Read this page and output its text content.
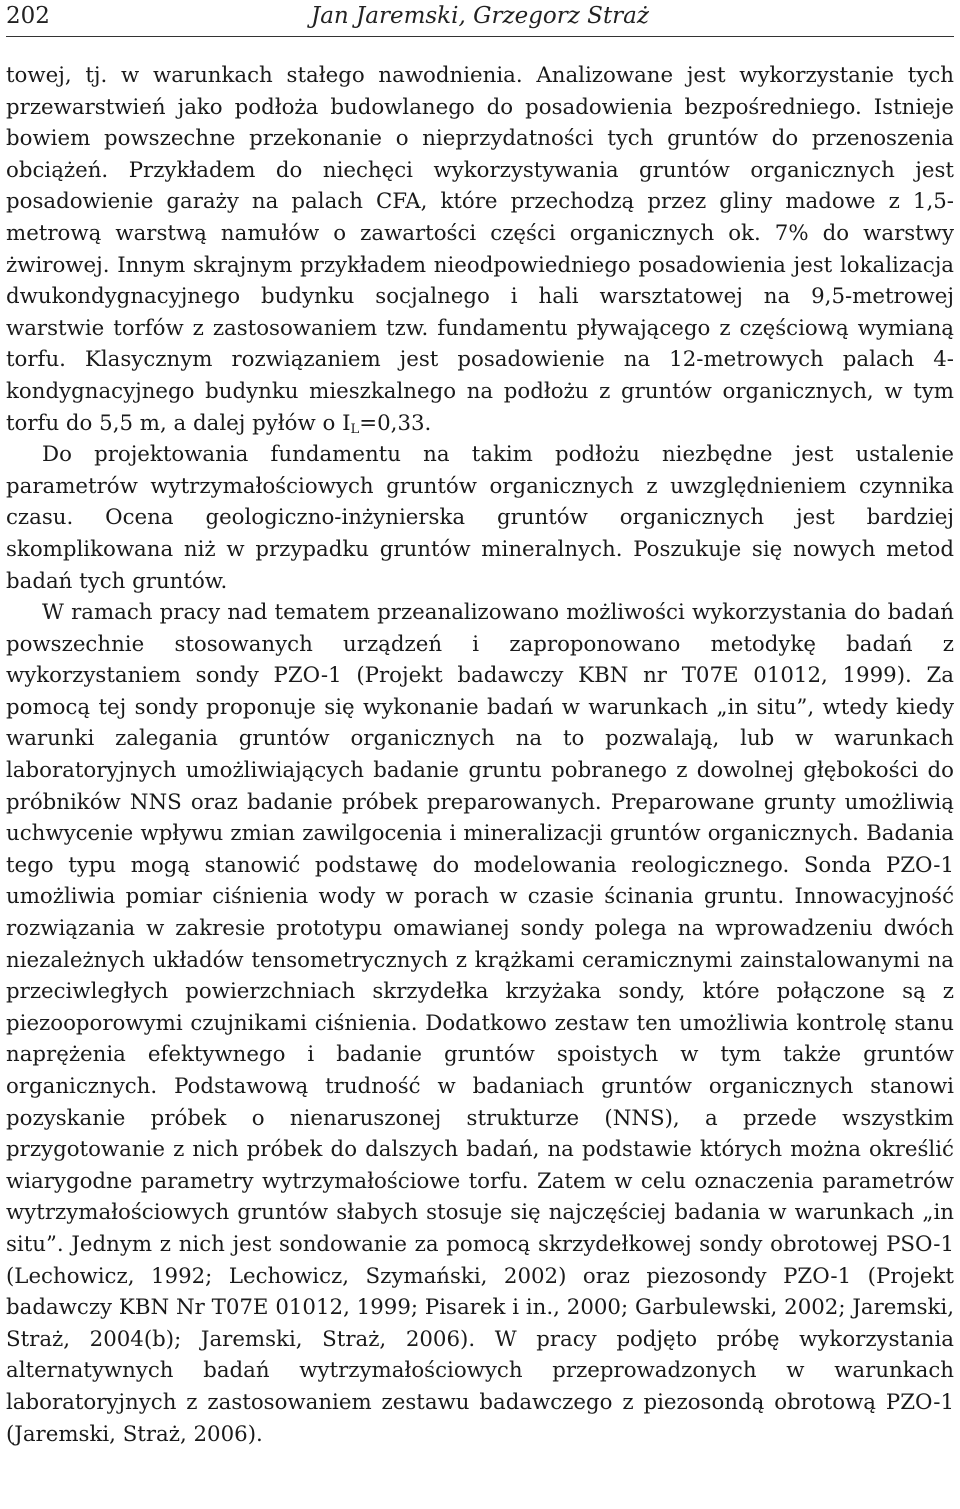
202	Jan Jaremski, Grzegorz Straż

towej, tj. w warunkach stałego nawodnienia. Analizowane jest wykorzystanie tych przewarstwień jako podłoża budowlanego do posadowienia bezpośredniego. Istnieje bowiem powszechne przekonanie o nieprzydatności tych gruntów do przenoszenia obciążeń. Przykładem do niechęci wykorzystywania gruntów organicznych jest posadowienie garaży na palach CFA, które przechodzą przez gliny madowe z 1,5-metrową warstwą namułów o zawartości części organicznych ok. 7% do warstwy żwirowej. Innym skrajnym przykładem nieodpowiedniego posadowienia jest lokalizacja dwukondygnacyjnego budynku socjalnego i hali warsztatowej na 9,5-metrowej warstwie torfów z zastosowaniem tzw. fundamentu pływającego z częściową wymianą torfu. Klasycznym rozwiązaniem jest posadowienie na 12-metrowych palach 4-kondygnacyjnego budynku mieszkalnego na podłożu z gruntów organicznych, w tym torfu do 5,5 m, a dalej pyłów o $I_L=0,33$.

Do projektowania fundamentu na takim podłożu niezbędne jest ustalenie parametrów wytrzymałościowych gruntów organicznych z uwzględnieniem czynnika czasu. Ocena geologiczno-inżynierska gruntów organicznych jest bardziej skomplikowana niż w przypadku gruntów mineralnych. Poszukuje się nowych metod badań tych gruntów.

W ramach pracy nad tematem przeanalizowano możliwości wykorzystania do badań powszechnie stosowanych urządzeń i zaproponowano metodykę badań z wykorzystaniem sondy PZO-1 (Projekt badawczy KBN nr T07E 01012, 1999). Za pomocą tej sondy proponuje się wykonanie badań w warunkach „in situ”, wtedy kiedy warunki zalegania gruntów organicznych na to pozwalają, lub w warunkach laboratoryjnych umożliwiających badanie gruntu pobranego z dowolnej głębokości do próbników NNS oraz badanie próbek preparowanych. Preparowane grunty umożliwią uchwycenie wpływu zmian zawilgocenia i mineralizacji gruntów organicznych. Badania tego typu mogą stanowić podstawę do modelowania reologicznego. Sonda PZO-1 umożliwia pomiar ciśnienia wody w porach w czasie ścinania gruntu. Innowacyjność rozwiązania w zakresie prototypu omawianej sondy polega na wprowadzeniu dwóch niezależnych układów tensometrycznych z krążkami ceramicznymi zainstalowanymi na przeciwległych powierzchniach skrzydełka krzyżaka sondy, które połączone są z piezooporowymi czujnikami ciśnienia. Dodatkowo zestaw ten umożliwia kontrolę stanu naprężenia efektywnego i badanie gruntów spoistych w tym także gruntów organicznych. Podstawową trudność w badaniach gruntów organicznych stanowi pozyskanie próbek o nienaruszonej strukturze (NNS), a przede wszystkim przygotowanie z nich próbek do dalszych badań, na podstawie których można określić wiarygodne parametry wytrzymałościowe torfu. Zatem w celu oznaczenia parametrów wytrzymałościowych gruntów słabych stosuje się najczęściej badania w warunkach „in situ”. Jednym z nich jest sondowanie za pomocą skrzydełkowej sondy obrotowej PSO-1 (Lechowicz, 1992; Lechowicz, Szymański, 2002) oraz piezosondy PZO-1 (Projekt badawczy KBN Nr T07E 01012, 1999; Pisarek i in., 2000; Garbulewski, 2002; Jaremski, Straż, 2004(b); Jaremski, Straż, 2006). W pracy podjęto próbę wykorzystania alternatywnych badań wytrzymałościowych przeprowadzonych w warunkach laboratoryjnych z zastosowaniem zestawu badawczego z piezosondą obrotową PZO-1 (Jaremski, Straż, 2006).
